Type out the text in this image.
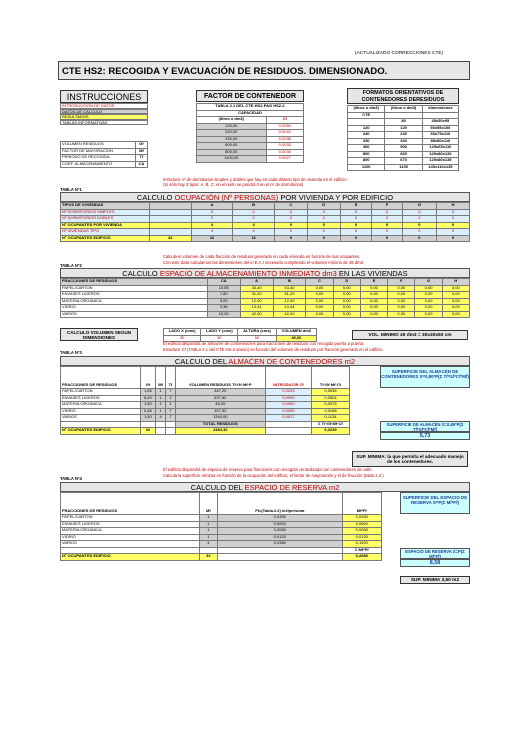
(ACTUALIZADO CORRECCIONES CTE)
CTE HS2: RECOGIDA Y EVACUACIÓN DE RESIDUOS. DIMENSIONADO.
INSTRUCCIONES
INTRODUCCION DE DATOS
DATOS DE CALCULO
RESULTADOS
TABLAS INFORMATIVAS
VOLUMEN RESIDUOS	Gf
FACTOR DE MAYORACION	Mf
PERIODO DE RECOGIDA	Tf
COEF. ALMACENAMIENTO	CA
FACTOR DE CONTENEDOR
TABLA 2.1 DEL CTE-HS2-PAG HS2-2	
CAPACIDAD	
(litros o dm3)	Cf
120,00	0,0050
240,00	0,0042
330,00	0,0036
600,00	0,0033
800,00	0,0030
1100,00	0,0027
FORMATOS ORIENTATIVOS DE CONTENEDORES DERESIDUOS
(litros o dm3)	(litros o dm3)	dimensiones
CTE		
	80	45x50x95
120	120	50x55x100
240	240	60x75x110
330	340	85x80x110
460	500	125x65x110
800	660	125x80x120
800	670	125x80x135
1100	1100	140x110x135
Introducir nº de dormitorios simples y dobles que hay en cada distinto tipo de vivienda en el edificio
(Si sólo hay 3 tipos: A, B, C; en el resto se pondrá 0 en el nº de dormitorios)
TABLA Nº1
CALCULO OCUPACIÓN (Nº PERSONAS) POR VIVIENDA Y POR EDIFICIO
TIPOS DE VIVIENDAS		A	B	C	D	E	F	G	H
Nº DORMITORIOS SIMPLES		0	0	0	0	0	0	0	0
Nº DORMITORIOS DOBLES		2	2	0	0	0	0	0	0
Nº OCUPANTES POR VIVIENDA		4	4	0	0	0	0	0	0
Nº VIVIENDAS TIPO		4	4	0	0	0	0	0	0
Nº OCUPANTES EDIFICIO	32	16	16	0	0	0	0	0	0
Calcula el volumen de cada fracción de residuos generado en cada vivienda en función de sus ocupantes.
Con este dato calculamos las dimensiones del el E.A.I necesario cumpliendo el volumen mínimo de 45 dm3.
TABLA Nº2
CALCULO ESPACIO DE ALMACENAMIENTO INMEDIATO dm3 EN LAS VIVIENDAS
FRACCIONES DE RESIDUOS	CA	A	B	C	D	E	F	G	H
PAPEL/CARTON	10,85	43,40	43,40	0,00	0,00	0,00	0,00	0,00	0,00
ENVASES LIGEROS	7,80	31,20	31,20	0,00	0,00	0,00	0,00	0,00	0,00
MATERIA ORGANICA	3,00	12,00	12,00	0,00	0,00	0,00	0,00	0,00	0,00
VIDRIO	3,36	13,44	13,44	0,00	0,00	0,00	0,00	0,00	0,00
VARIOS	10,50	42,00	42,00	0,00	0,00	0,00	0,00	0,00	0,00
CALCULO VOLUMEN SEGUN DIMENSIONES
LADO X (cms)	LADO Y (cms)	ALTURA (cms)	VOLUMEN dm3
30	30	50	45,00	VOL. MINIMO 45 dm3 = 30x30x50 cm
El edificio dispondrá de almacén de contenedores para fracciones de residuos con recogida puerta a puerta.
Introducir Cf (TABLA 2.1 del CTE HS-2 anexo) en función del volumen de residuos por fracción generado en el edificio.
TABLA Nº3
CALCULO DEL ALMACEN DE CONTENEDORES m2
FRACCIONES DE RESIDUOS	Gf	Mf	Tf	VOLUMEN RESIDUOS Tf·Gf·Mf·P	INTRODUCIR Cf	Tf·Gf·Mf·Cf
PAPEL/CARTON	1,55	1	7	347,20	0,0033	0,0036
ENVASES LIGEROS	8,40	1	2	537,60	0,0050	0,0504
MATERIA ORGANICA	1,50	1	1	48,00	0,0060	0,0075
VIDRIO	0,48	1	7	107,52	0,0050	0,0168
VARIOS	1,50	4	7	1344,00	0,0027	0,1134
				TOTAL RESIDUOS		Σ Tf·Gf·Mf·Cf
Nº OCUPANTES EDIFICIO	32			2384,32		0,2239
SUPERFICIE DEL ALMACÉN DE CONTENEDORES S=0,80*P(Σ Tf*Gf*Cf*Mf)
SUPERFICIE DE ALMACÉN S=0,80*P(Σ Tf*Gf*Cf*Mf)
5,73
SUP. MINIMA: la que permita el adecuado manejo de los contenedores.
El edificio dispondrá de espacio de reserva para fracciones con recogida centralizada con contenedores de calle.
Calcula la superficie mínima en función de la ocupación del edificio, el factor de mayoración y el de fracción (tabla 2.2.)
TABLA Nº4
CALCULO DEL ESPACIO DE RESERVA m2
FRACCIONES DE RESIDUOS	Mf	Ff=(Tabla.2.2) m2/persona	Mf*Ff
PAPEL/CARTON	1	0,0390	0,0390
ENVASES LIGEROS	1	0,0600	0,0600
MATERIA ORGANICA	1	0,0050	0,0050
VIDRIO	1	0,0120	0,0120
VARIOS	4	0,0380	0,1520
			Σ Mf*Ff
Nº OCUPANTES EDIFICIO	32		0,2680
SUPERFICIE DEL ESPACIO DE RESERVA S=P(Σ Mf*Ff)
ESPACIO DE RESERVA S=P(Σ Mf*Ff)
8,58
SUP. MINIMA 3,50 m2
